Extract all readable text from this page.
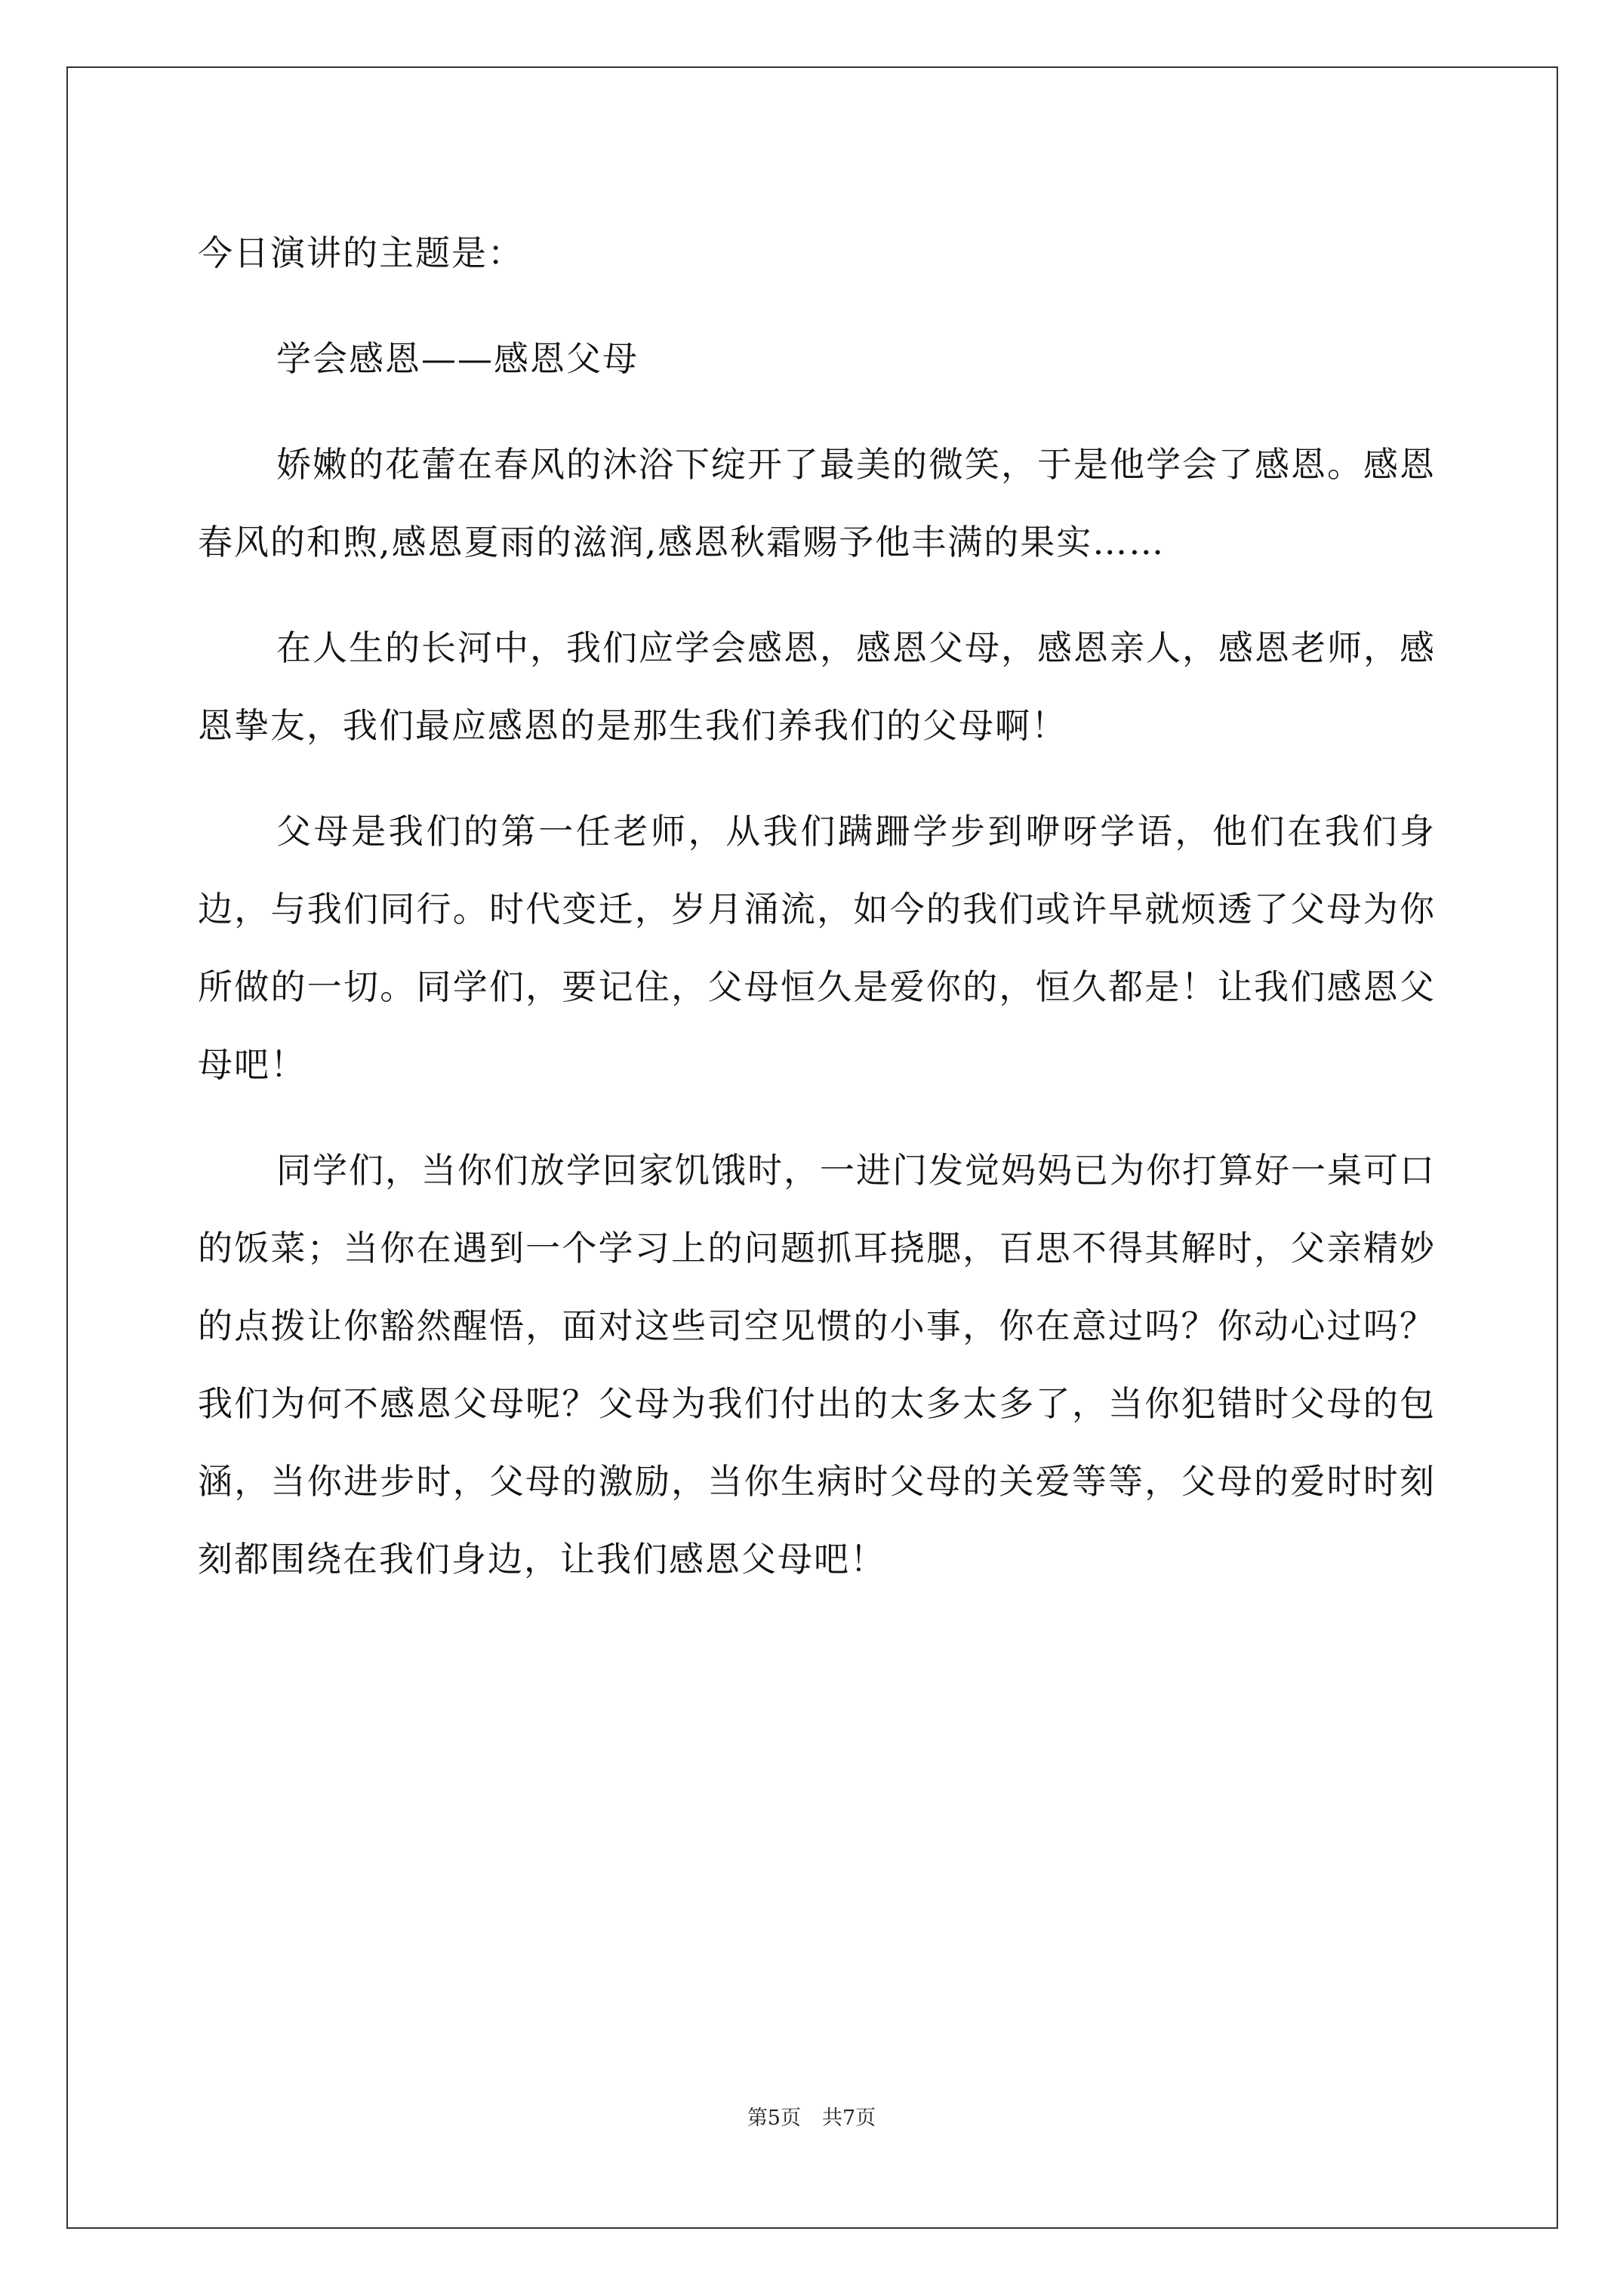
今日演讲的主题是：

学会感恩——感恩父母

娇嫩的花蕾在春风的沐浴下绽开了最美的微笑，于是他学会了感恩。感恩春风的和煦,感恩夏雨的滋润,感恩秋霜赐予他丰满的果实……

在人生的长河中，我们应学会感恩，感恩父母，感恩亲人，感恩老师，感恩挚友，我们最应感恩的是那生我们养我们的父母啊！

父母是我们的第一任老师，从我们蹒跚学步到咿呀学语，他们在我们身边，与我们同行。时代变迁，岁月涌流，如今的我们或许早就烦透了父母为你所做的一切。同学们，要记住，父母恒久是爱你的，恒久都是！让我们感恩父母吧！

同学们，当你们放学回家饥饿时，一进门发觉妈妈已为你打算好一桌可口的饭菜；当你在遇到一个学习上的问题抓耳挠腮，百思不得其解时，父亲精妙的点拨让你豁然醒悟，面对这些司空见惯的小事，你在意过吗？你动心过吗？我们为何不感恩父母呢？父母为我们付出的太多太多了，当你犯错时父母的包涵，当你进步时，父母的激励，当你生病时父母的关爱等等，父母的爱时时刻刻都围绕在我们身边，让我们感恩父母吧！

第5页 共7页
